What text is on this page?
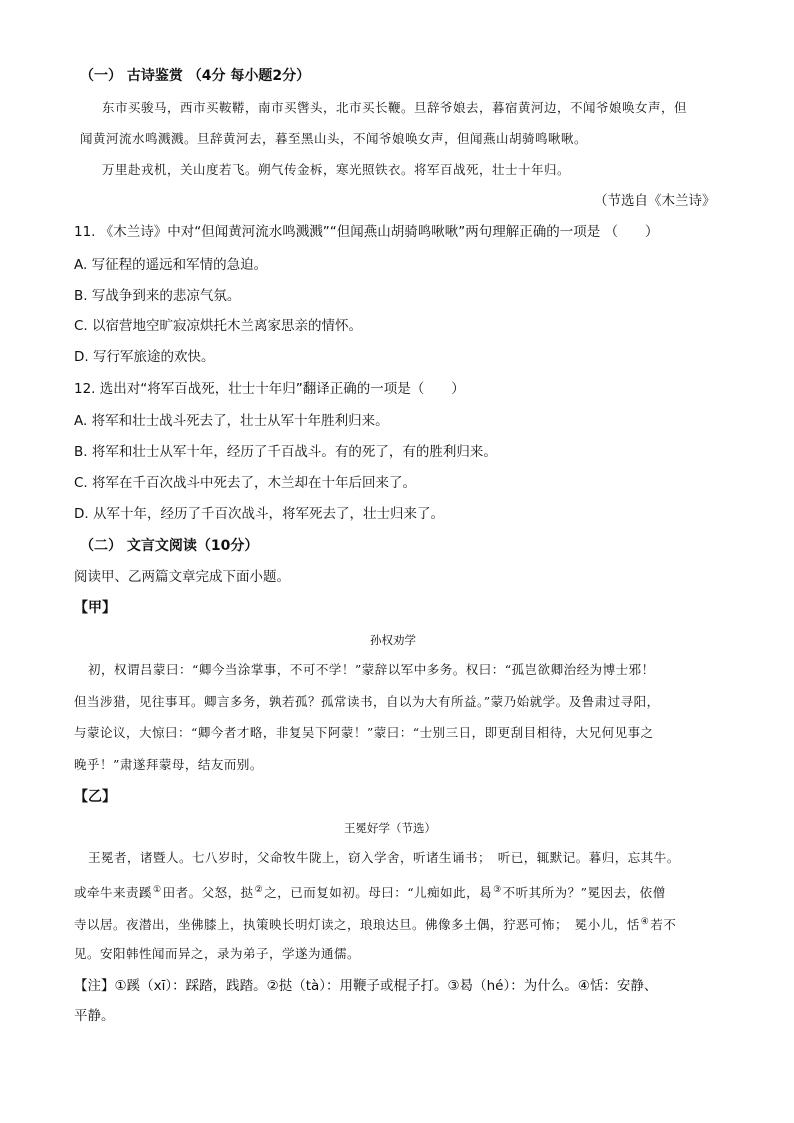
（一） 古诗鉴赏 （4分 每小题2分）
东市买骏马，西市买鞍鞯，南市买辔头，北市买长鞭。旦辞爷娘去，暮宿黄河边，不闻爷娘唤女声，但
闻黄河流水鸣溅溅。旦辞黄河去，暮至黑山头，不闻爷娘唤女声，但闻燕山胡骑鸣啾啾。
万里赴戎机，关山度若飞。朔气传金柝，寒光照铁衣。将军百战死，壮士十年归。
（节选自《木兰诗》
11. 《木兰诗》中对“但闻黄河流水鸣溅溅”“但闻燕山胡骑鸣啾啾”两句理解正确的一项是 （　　）
A. 写征程的遥远和军情的急迫。
B. 写战争到来的悲凉气氛。
C. 以宿营地空旷寂凉烘托木兰离家思亲的情怀。
D. 写行军旅途的欢快。
12. 选出对“将军百战死，壮士十年归”翻译正确的一项是（　　）
A. 将军和壮士战斗死去了，壮士从军十年胜利归来。
B. 将军和壮士从军十年，经历了千百战斗。有的死了，有的胜利归来。
C. 将军在千百次战斗中死去了，木兰却在十年后回来了。
D. 从军十年，经历了千百次战斗，将军死去了，壮士归来了。
（二） 文言文阅读（10分）
阅读甲、乙两篇文章完成下面小题。
【甲】
孙权劝学
初，权谓吕蒙曰：“卿今当涂掌事，不可不学！”蒙辞以军中多务。权曰：“孤岂欲卿治经为博士邪！
但当涉猎，见往事耳。卿言多务，孰若孤？孤常读书，自以为大有所益。”蒙乃始就学。及鲁肃过寻阳，
与蒙论议，大惊曰：“卿今者才略，非复吴下阿蒙！”蒙曰：“士别三日，即更刮目相待，大兄何见事之
晚乎！”肃遂拜蒙母，结友而别。
【乙】
王冕好学（节选）
王冕者，诸暨人。七八岁时，父命牧牛陇上，窃入学舍，听诸生诵书；　听已，辄默记。暮归，忘其牛。
或牵牛来责蹊①田者。父怒，挞②之，已而复如初。母曰：“儿痴如此，曷③不听其所为？”冕因去，依僧
寺以居。夜潜出，坐佛膝上，执策映长明灯读之，琅琅达旦。佛像多土偶，狞恶可怖；　冕小儿，恬④若不
见。安阳韩性闻而异之，录为弟子，学遂为通儒。
【注】①蹊（xī）：踩踏，践踏。②挞（tà）：用鞭子或棍子打。③曷（hé）：为什么。④恬：安静、
平静。
